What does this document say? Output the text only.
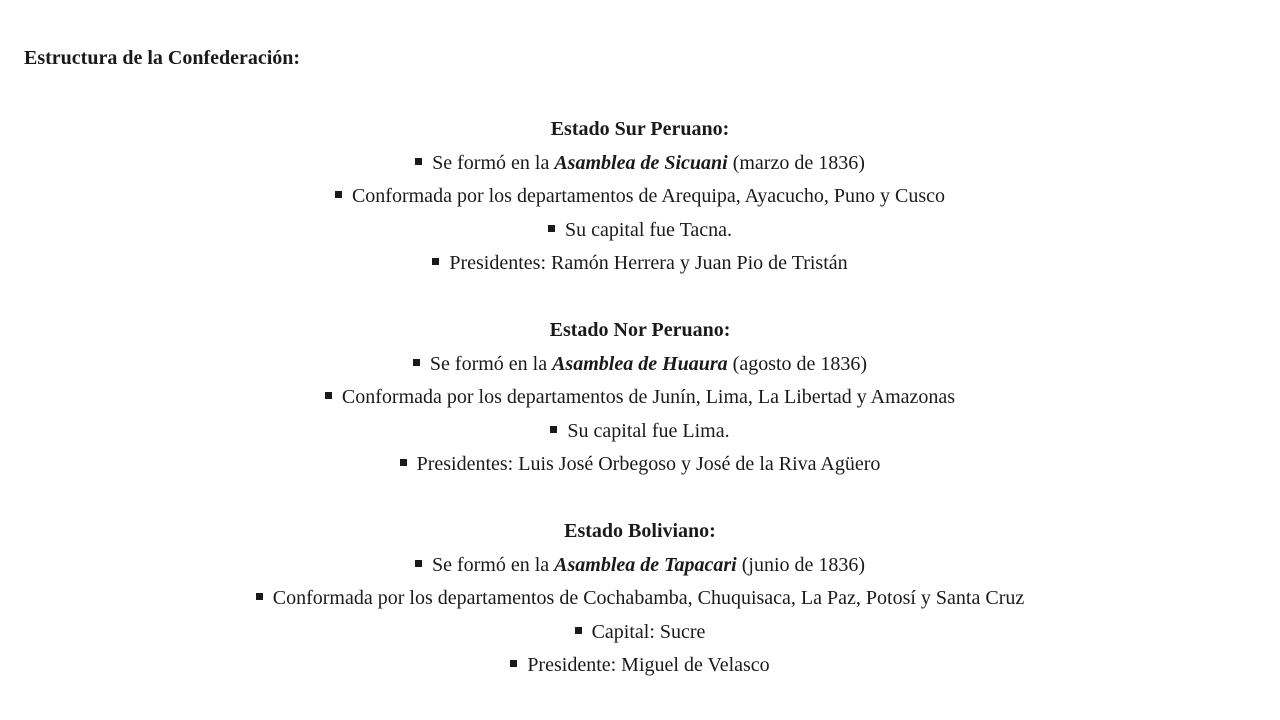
Estructura de la Confederación:
Estado Sur Peruano:
Se formó en la Asamblea de Sicuani (marzo de 1836)
Conformada por los departamentos de Arequipa, Ayacucho, Puno y Cusco
Su capital fue Tacna.
Presidentes: Ramón Herrera y Juan Pio de Tristán
Estado Nor Peruano:
Se formó en la Asamblea de Huaura (agosto de 1836)
Conformada por los departamentos de Junín, Lima, La Libertad y Amazonas
Su capital fue Lima.
Presidentes: Luis José Orbegoso y José de la Riva Agüero
Estado Boliviano:
Se formó en la Asamblea de Tapacari (junio de 1836)
Conformada por los departamentos de Cochabamba, Chuquisaca, La Paz, Potosí y Santa Cruz
Capital: Sucre
Presidente: Miguel de Velasco
